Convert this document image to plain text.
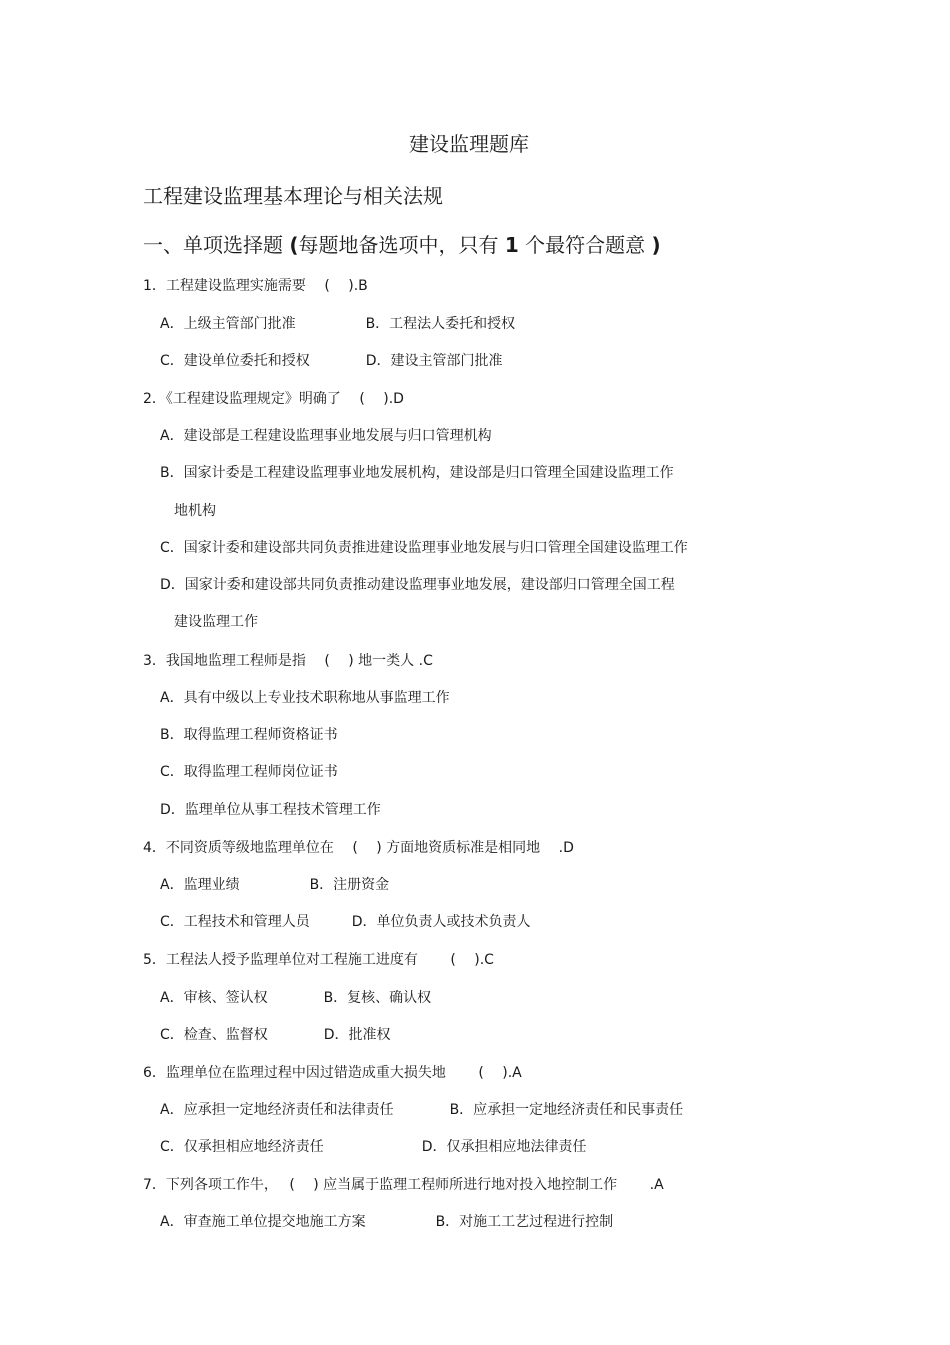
建设监理题库
工程建设监理基本理论与相关法规
一、单项选择题 (每题地备选项中，只有 1 个最符合题意 )
1．工程建设监理实施需要　 (　 ).B
A．上级主管部门批准　　　　　B．工程法人委托和授权
C．建设单位委托和授权　　　　D．建设主管部门批准
2．《工程建设监理规定》明确了　 (　 ).D
A．建设部是工程建设监理事业地发展与归口管理机构
B．国家计委是工程建设监理事业地发展机构，建设部是归口管理全国建设监理工作
地机构
C．国家计委和建设部共同负责推进建设监理事业地发展与归口管理全国建设监理工作
D．国家计委和建设部共同负责推动建设监理事业地发展，建设部归口管理全国工程
建设监理工作
3．我国地监理工程师是指　 (　 ) 地一类人 .C
A．具有中级以上专业技术职称地从事监理工作
B．取得监理工程师资格证书
C．取得监理工程师岗位证书
D．监理单位从事工程技术管理工作
4．不同资质等级地监理单位在　 (　 ) 方面地资质标准是相同地　 .D
A．监理业绩　　　　　B．注册资金
C．工程技术和管理人员　　　D．单位负责人或技术负责人
5．工程法人授予监理单位对工程施工进度有　　 (　 ).C
A．审核、签认权　　　　B．复核、确认权
C．检查、监督权　　　　D．批准权
6．监理单位在监理过程中因过错造成重大损失地　　 (　 ).A
A．应承担一定地经济责任和法律责任　　　　B．应承担一定地经济责任和民事责任
C．仅承担相应地经济责任　　　　　　　D．仅承担相应地法律责任
7．下列各项工作牛，　 (　 ) 应当属于监理工程师所进行地对投入地控制工作　　 .A
A．审查施工单位提交地施工方案　　　　　B．对施工工艺过程进行控制
